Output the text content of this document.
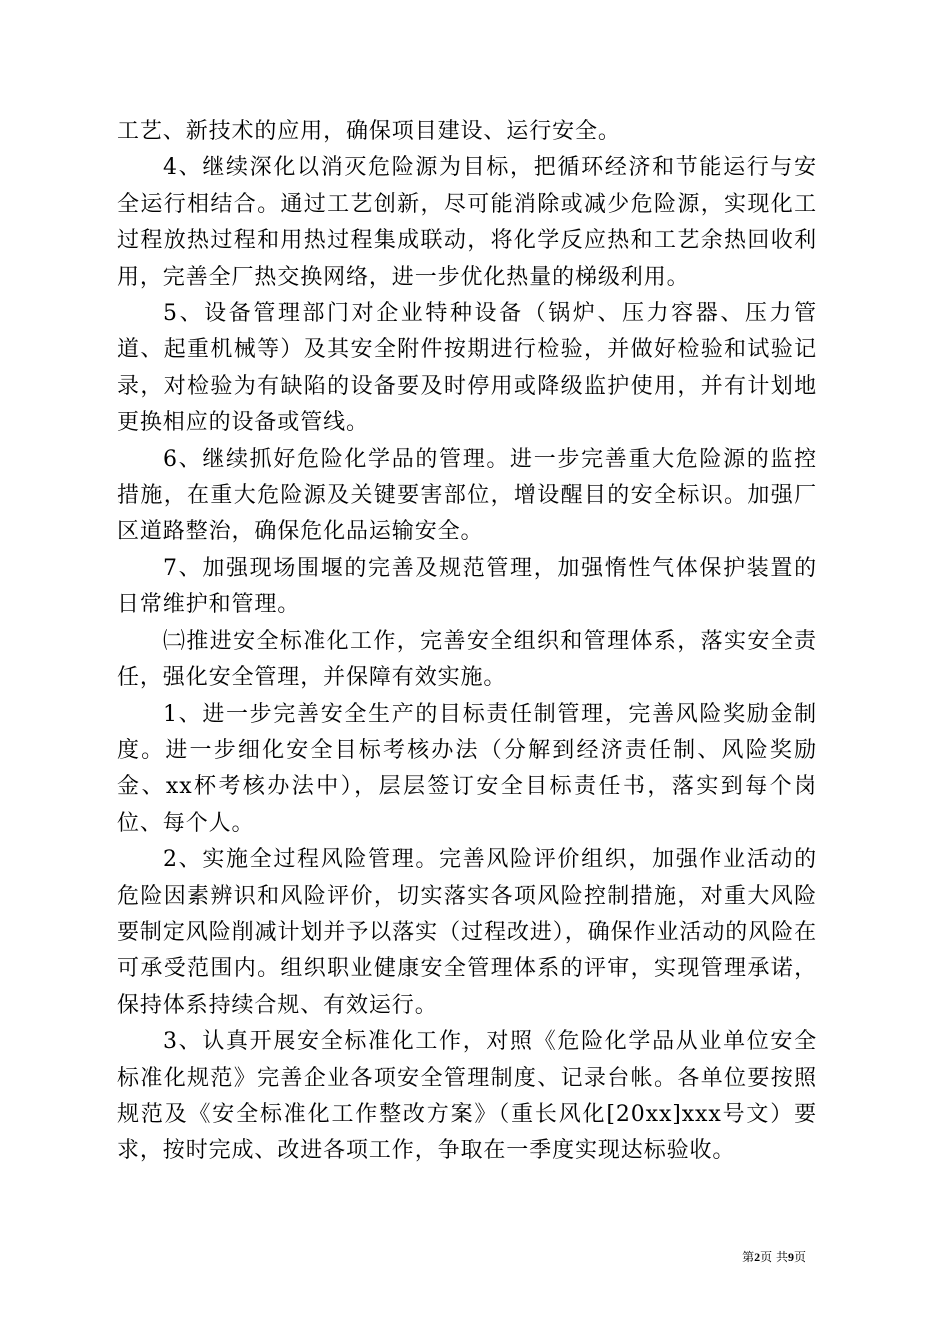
工艺、新技术的应用，确保项目建设、运行安全。

4、继续深化以消灭危险源为目标，把循环经济和节能运行与安全运行相结合。通过工艺创新，尽可能消除或减少危险源，实现化工过程放热过程和用热过程集成联动，将化学反应热和工艺余热回收利用，完善全厂热交换网络，进一步优化热量的梯级利用。

5、设备管理部门对企业特种设备（锅炉、压力容器、压力管道、起重机械等）及其安全附件按期进行检验，并做好检验和试验记录，对检验为有缺陷的设备要及时停用或降级监护使用，并有计划地更换相应的设备或管线。

6、继续抓好危险化学品的管理。进一步完善重大危险源的监控措施，在重大危险源及关键要害部位，增设醒目的安全标识。加强厂区道路整治，确保危化品运输安全。

7、加强现场围堰的完善及规范管理，加强惰性气体保护装置的日常维护和管理。

㈡推进安全标准化工作，完善安全组织和管理体系，落实安全责任，强化安全管理，并保障有效实施。

1、进一步完善安全生产的目标责任制管理，完善风险奖励金制度。进一步细化安全目标考核办法（分解到经济责任制、风险奖励金、xx杯考核办法中），层层签订安全目标责任书，落实到每个岗位、每个人。

2、实施全过程风险管理。完善风险评价组织，加强作业活动的危险因素辨识和风险评价，切实落实各项风险控制措施，对重大风险要制定风险削减计划并予以落实（过程改进），确保作业活动的风险在可承受范围内。组织职业健康安全管理体系的评审，实现管理承诺，保持体系持续合规、有效运行。

3、认真开展安全标准化工作，对照《危险化学品从业单位安全标准化规范》完善企业各项安全管理制度、记录台帐。各单位要按照规范及《安全标准化工作整改方案》（重长风化[20xx]xxx号文）要求，按时完成、改进各项工作，争取在一季度实现达标验收。

第2页 共9页
